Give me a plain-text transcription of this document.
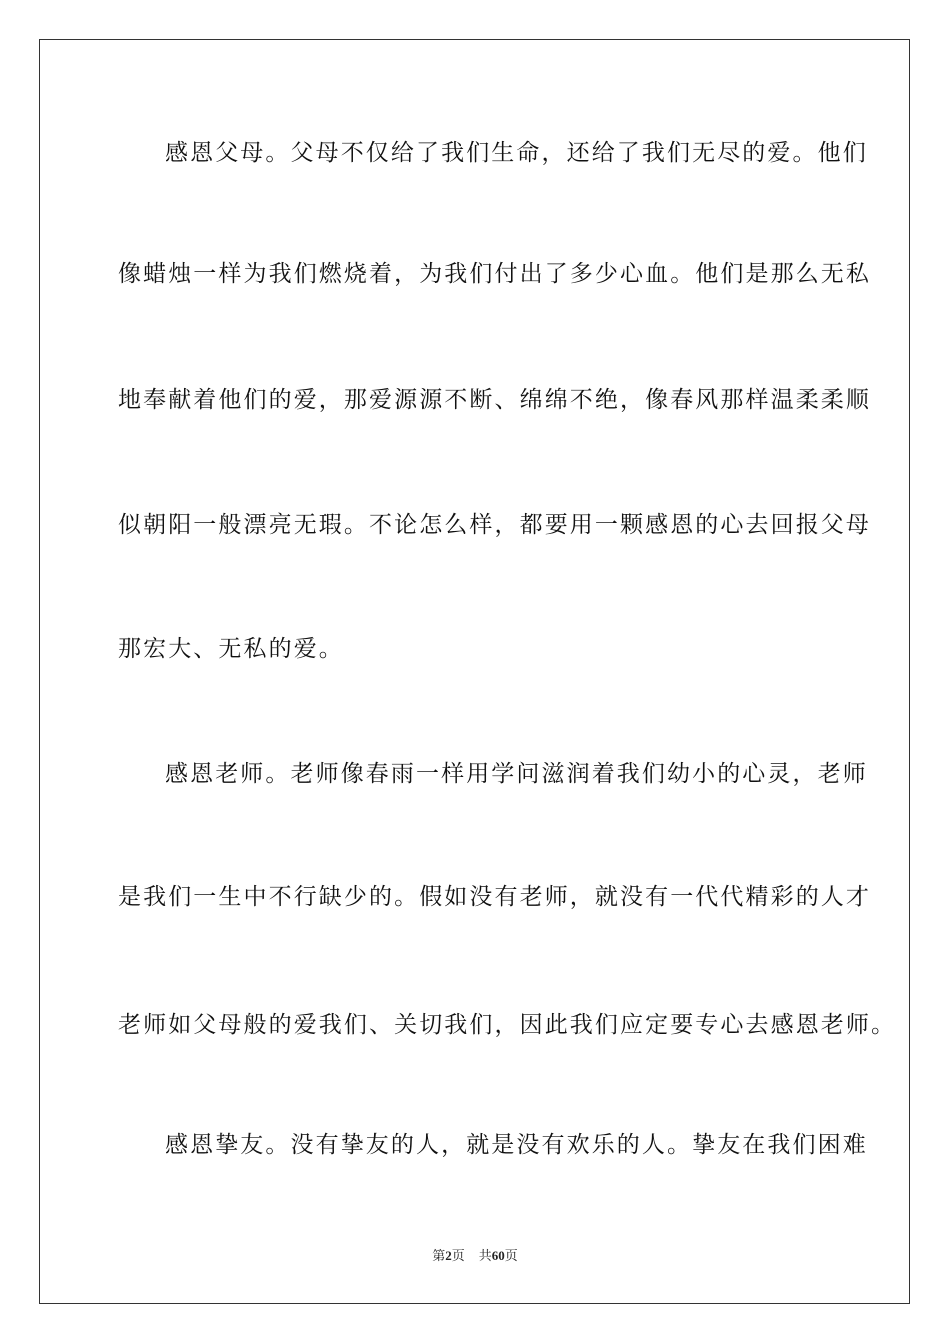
感恩父母。父母不仅给了我们生命，还给了我们无尽的爱。他们
像蜡烛一样为我们燃烧着，为我们付出了多少心血。他们是那么无私
地奉献着他们的爱，那爱源源不断、绵绵不绝，像春风那样温柔柔顺
似朝阳一般漂亮无瑕。不论怎么样，都要用一颗感恩的心去回报父母
那宏大、无私的爱。
感恩老师。老师像春雨一样用学问滋润着我们幼小的心灵，老师
是我们一生中不行缺少的。假如没有老师，就没有一代代精彩的人才
老师如父母般的爱我们、关切我们，因此我们应定要专心去感恩老师。
感恩挚友。没有挚友的人，就是没有欢乐的人。挚友在我们困难
第2页 共60页
